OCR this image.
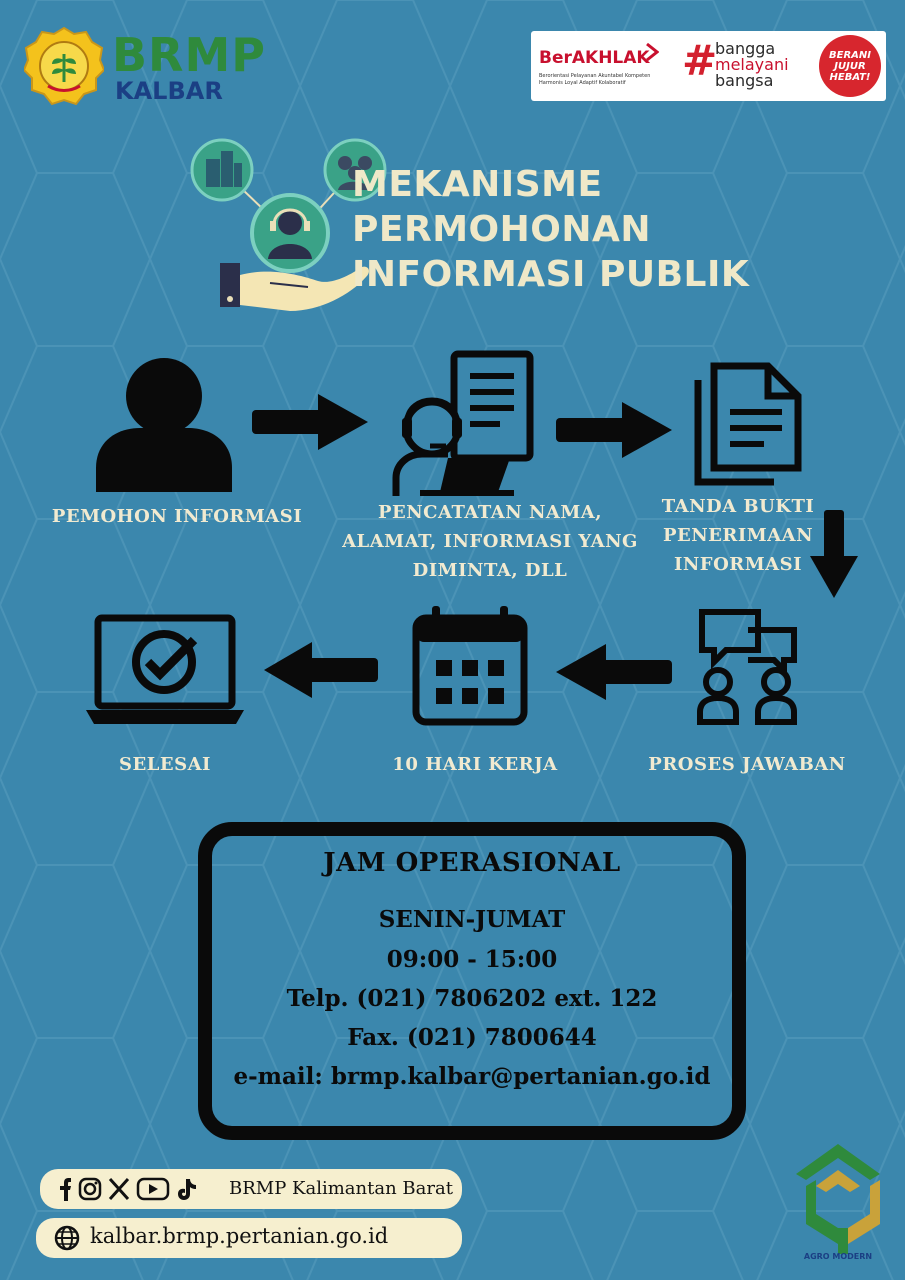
BRMP
KALBAR
BerAKHLAK
Berorientasi Pelayanan Akuntabel Kompeten Harmonis Loyal Adaptif Kolaboratif	#
bangga
melayani
bangsa
BERANI JUJUR HEBAT!
MEKANISME
PERMOHONAN
INFORMASI PUBLIK
PEMOHON INFORMASI	PENCATATAN NAMA,
ALAMAT, INFORMASI YANG
DIMINTA, DLL
TANDA BUKTI
PENERIMAAN
INFORMASI
SELESAI	10 HARI KERJA	PROSES JAWABAN
JAM OPERASIONAL
SENIN-JUMAT
09:00 - 15:00
Telp. (021) 7806202 ext. 122
Fax. (021) 7800644
e-mail: brmp.kalbar@pertanian.go.id
BRMP Kalimantan Barat
kalbar.brmp.pertanian.go.id
AGRO MODERN
